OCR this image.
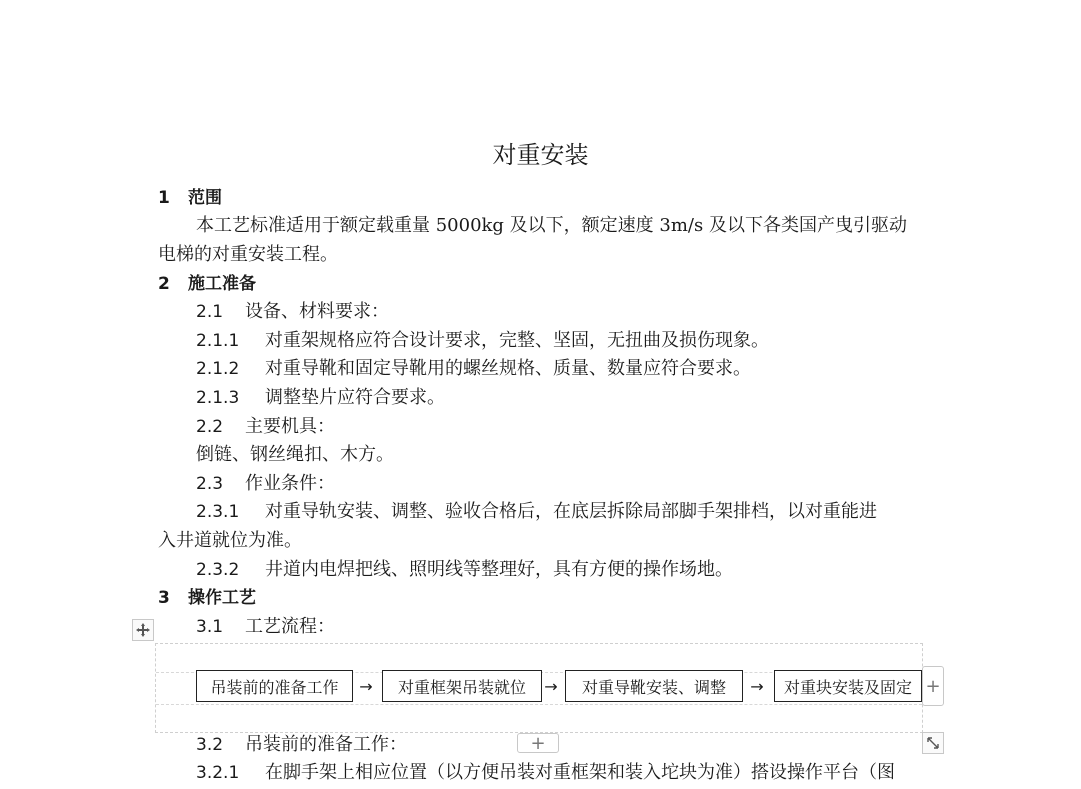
对重安装
1 范围
本工艺标准适用于额定载重量 5000kg 及以下，额定速度 3m/s 及以下各类国产曳引驱动
电梯的对重安装工程。
2 施工准备
2.1 设备、材料要求：
2.1.1 对重架规格应符合设计要求，完整、坚固，无扭曲及损伤现象。
2.1.2 对重导靴和固定导靴用的螺丝规格、质量、数量应符合要求。
2.1.3 调整垫片应符合要求。
2.2 主要机具：
倒链、钢丝绳扣、木方。
2.3 作业条件：
2.3.1 对重导轨安装、调整、验收合格后，在底层拆除局部脚手架排档，以对重能进
入井道就位为准。
2.3.2 井道内电焊把线、照明线等整理好，具有方便的操作场地。
3 操作工艺
3.1 工艺流程：
吊装前的准备工作	→	对重框架吊装就位	→	对重导靴安装、调整	→	对重块安装及固定 +
+
3.2 吊装前的准备工作：
3.2.1 在脚手架上相应位置（以方便吊装对重框架和装入坨块为准）搭设操作平台（图
